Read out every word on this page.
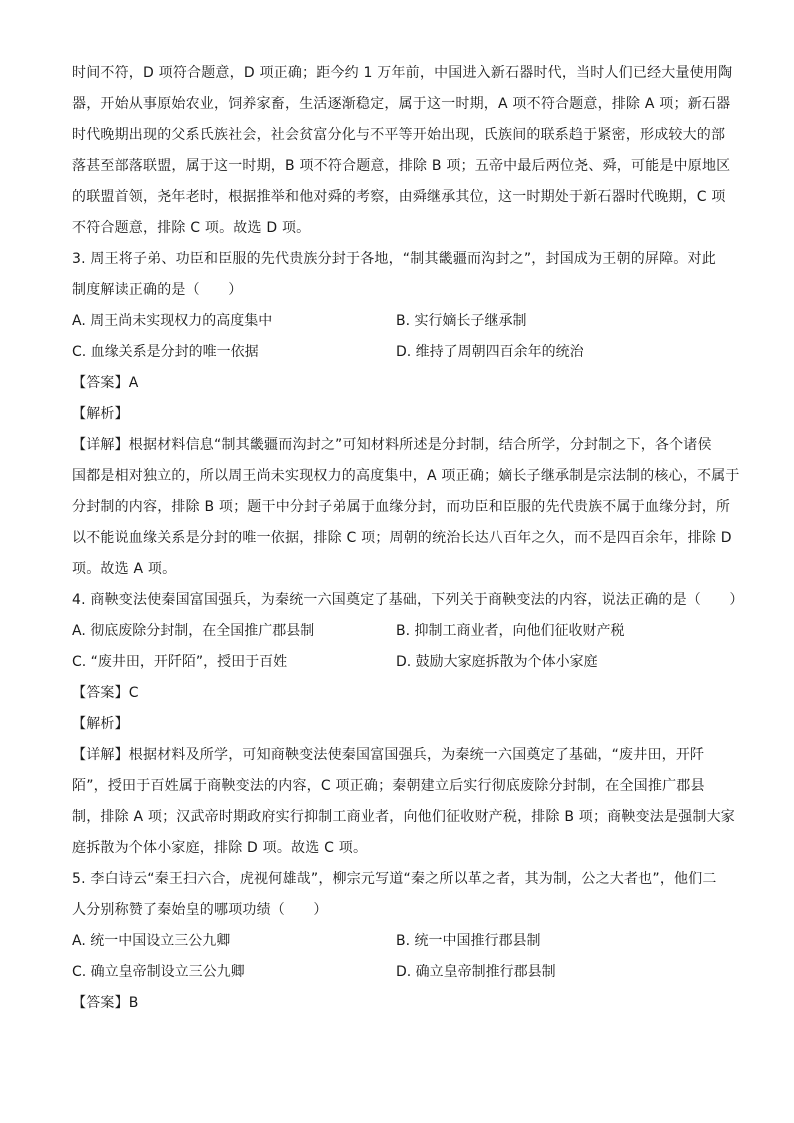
时间不符，D 项符合题意，D 项正确；距今约 1 万年前，中国进入新石器时代，当时人们已经大量使用陶

器，开始从事原始农业，饲养家畜，生活逐渐稳定，属于这一时期，A 项不符合题意，排除 A 项；新石器

时代晚期出现的父系氏族社会，社会贫富分化与不平等开始出现，氏族间的联系趋于紧密，形成较大的部

落甚至部落联盟，属于这一时期，B 项不符合题意，排除 B 项；五帝中最后两位尧、舜，可能是中原地区

的联盟首领，尧年老时，根据推举和他对舜的考察，由舜继承其位，这一时期处于新石器时代晚期，C 项

不符合题意，排除 C 项。故选 D 项。

3. 周王将子弟、功臣和臣服的先代贵族分封于各地，“制其畿疆而沟封之”，封国成为王朝的屏障。对此

制度解读正确的是（　　）

A. 周王尚未实现权力的高度集中	B. 实行嫡长子继承制
C. 血缘关系是分封的唯一依据	D. 维持了周朝四百余年的统治

【答案】A

【解析】

【详解】根据材料信息“制其畿疆而沟封之”可知材料所述是分封制，结合所学，分封制之下，各个诸侯

国都是相对独立的，所以周王尚未实现权力的高度集中，A 项正确；嫡长子继承制是宗法制的核心，不属于

分封制的内容，排除 B 项；题干中分封子弟属于血缘分封，而功臣和臣服的先代贵族不属于血缘分封，所

以不能说血缘关系是分封的唯一依据，排除 C 项；周朝的统治长达八百年之久，而不是四百余年，排除 D

项。故选 A 项。

4. 商鞅变法使秦国富国强兵，为秦统一六国奠定了基础，下列关于商鞅变法的内容，说法正确的是（　　）

A. 彻底废除分封制，在全国推广郡县制	B. 抑制工商业者，向他们征收财产税
C. “废井田，开阡陌”，授田于百姓	D. 鼓励大家庭拆散为个体小家庭

【答案】C

【解析】

【详解】根据材料及所学，可知商鞅变法使秦国富国强兵，为秦统一六国奠定了基础，“废井田，开阡

陌”，授田于百姓属于商鞅变法的内容，C 项正确；秦朝建立后实行彻底废除分封制，在全国推广郡县

制，排除 A 项；汉武帝时期政府实行抑制工商业者，向他们征收财产税，排除 B 项；商鞅变法是强制大家

庭拆散为个体小家庭，排除 D 项。故选 C 项。

5. 李白诗云“秦王扫六合，虎视何雄哉”，柳宗元写道“秦之所以革之者，其为制，公之大者也”，他们二

人分别称赞了秦始皇的哪项功绩（　　）

A. 统一中国设立三公九卿	B. 统一中国推行郡县制
C. 确立皇帝制设立三公九卿	D. 确立皇帝制推行郡县制

【答案】B
